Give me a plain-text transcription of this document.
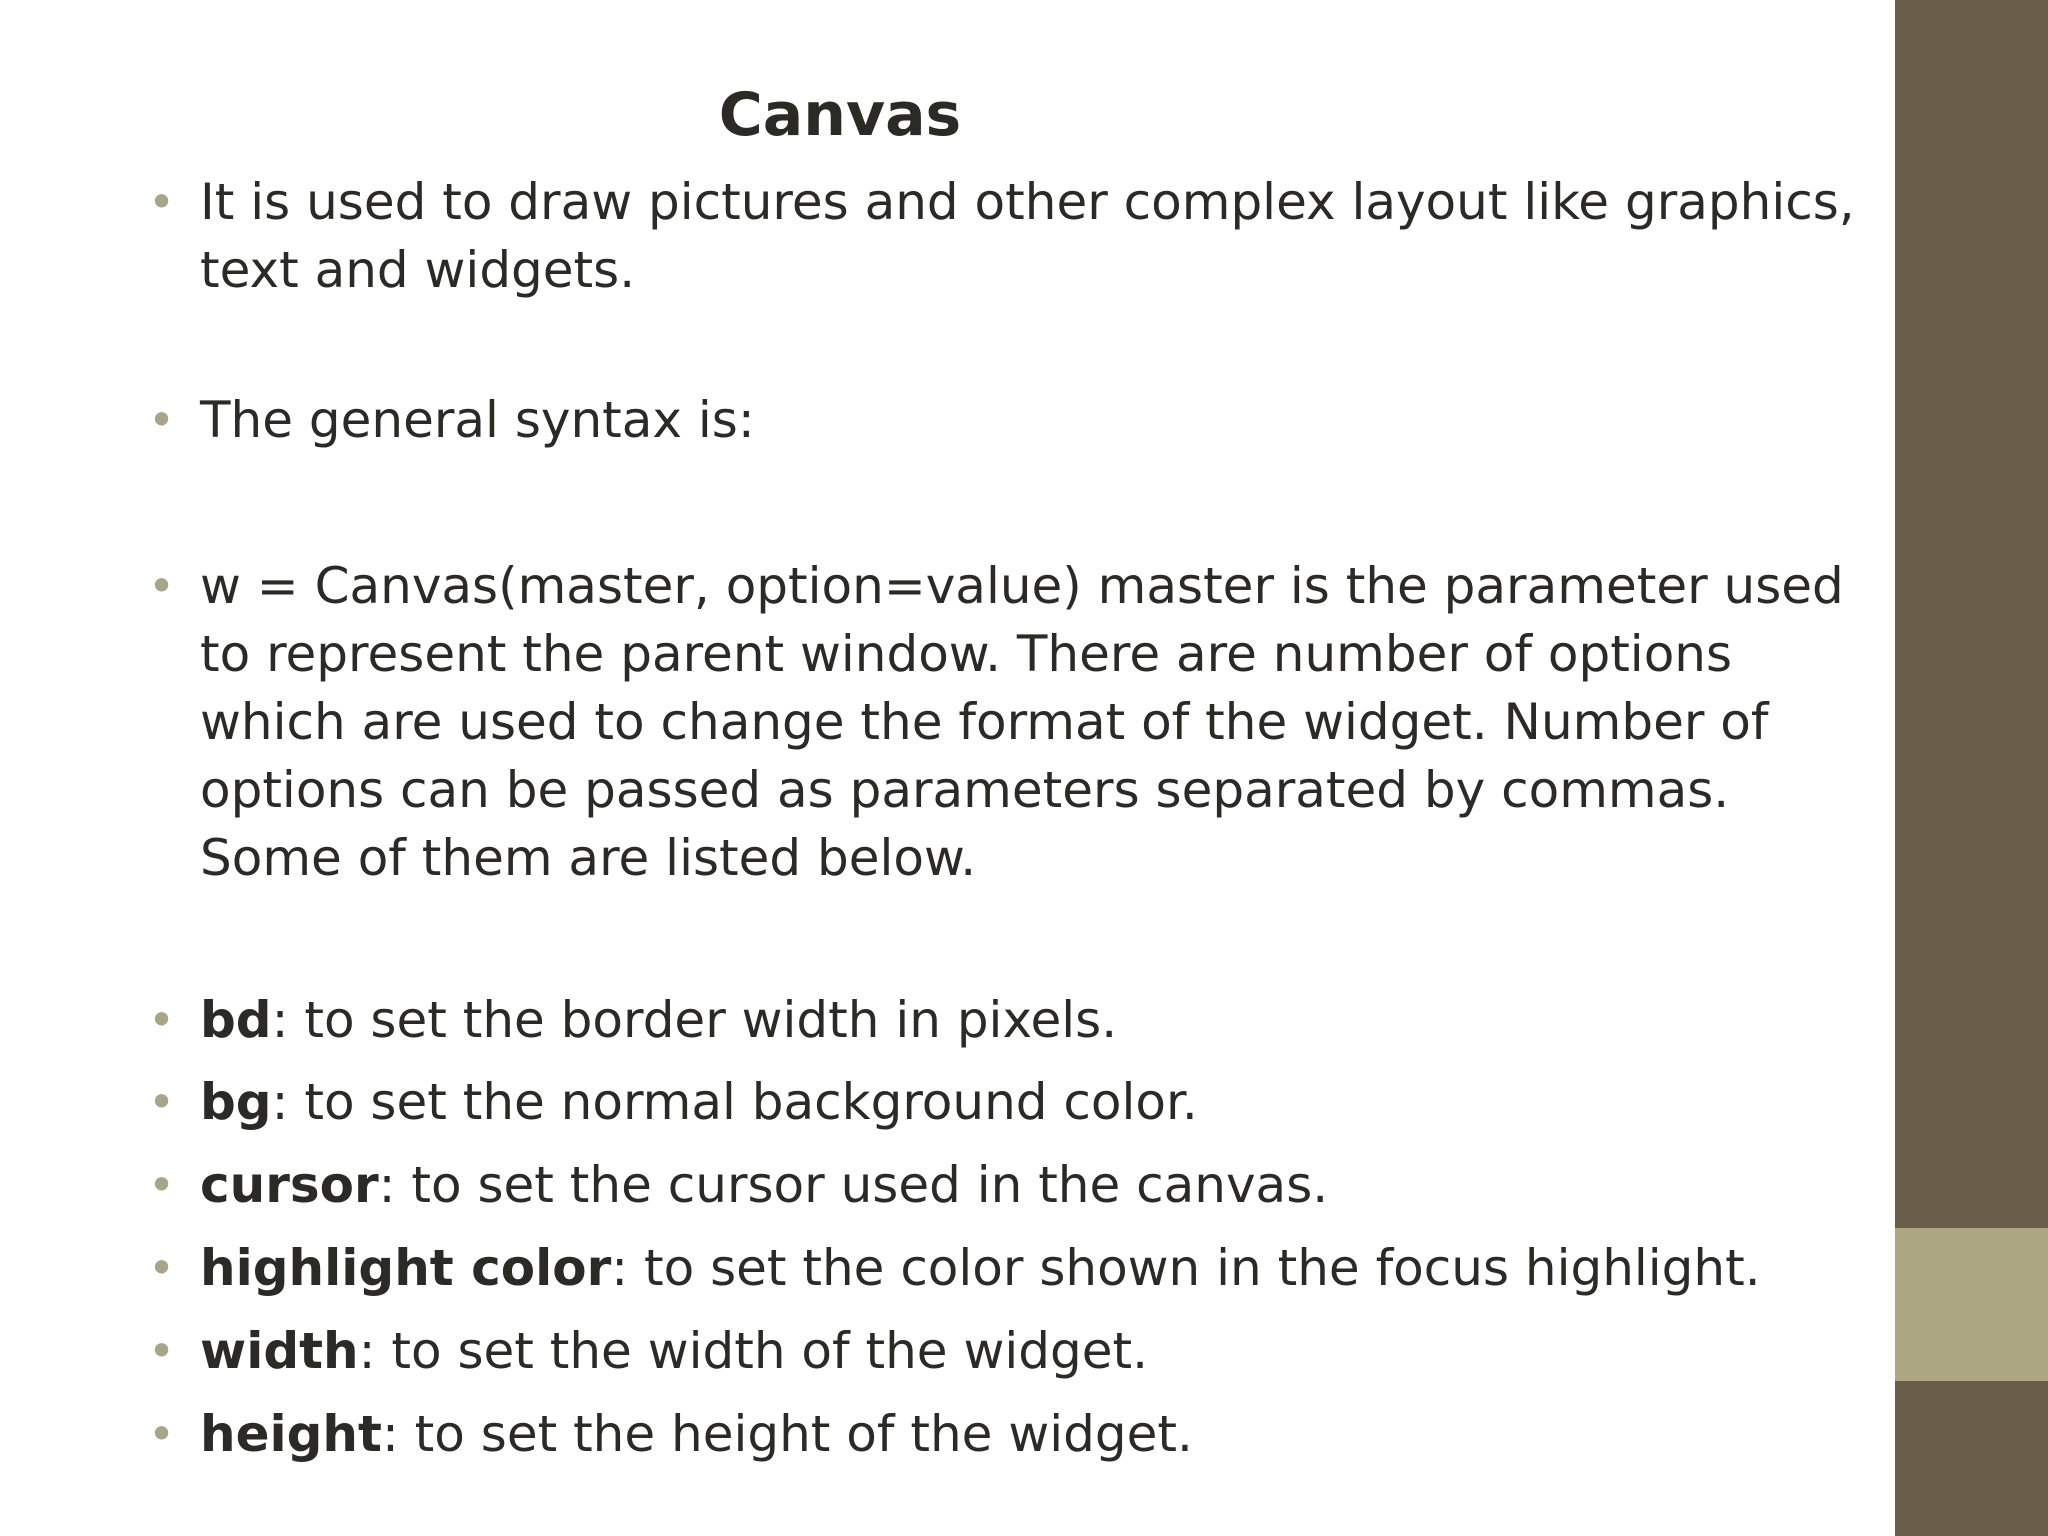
Canvas
• It is used to draw pictures and other complex layout like graphics, text and widgets.
• The general syntax is:
• w = Canvas(master, option=value) master is the parameter used to represent the parent window. There are number of options which are used to change the format of the widget. Number of options can be passed as parameters separated by commas. Some of them are listed below.
• bd: to set the border width in pixels.
• bg: to set the normal background color.
• cursor: to set the cursor used in the canvas.
• highlight color: to set the color shown in the focus highlight.
• width: to set the width of the widget.
• height: to set the height of the widget.
